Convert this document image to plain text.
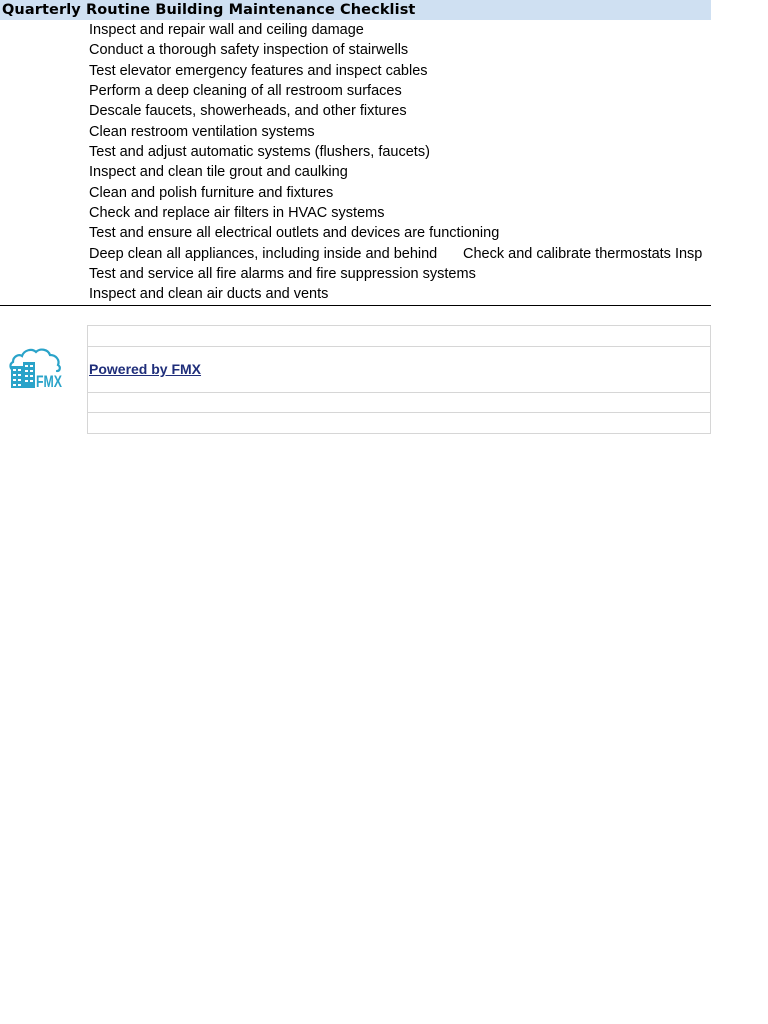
Quarterly Routine Building Maintenance Checklist
Inspect and repair wall and ceiling damage
Conduct a thorough safety inspection of stairwells
Test elevator emergency features and inspect cables
Perform a deep cleaning of all restroom surfaces
Descale faucets, showerheads, and other fixtures
Clean restroom ventilation systems
Test and adjust automatic systems (flushers, faucets)
Inspect and clean tile grout and caulking
Clean and polish furniture and fixtures
Check and replace air filters in HVAC systems
Test and ensure all electrical outlets and devices are functioning
Deep clean all appliances, including inside and behind Check and calibrate thermostats Insp
Test and service all fire alarms and fire suppression systems
Inspect and clean air ducts and vents
FMX
Powered by FMX
